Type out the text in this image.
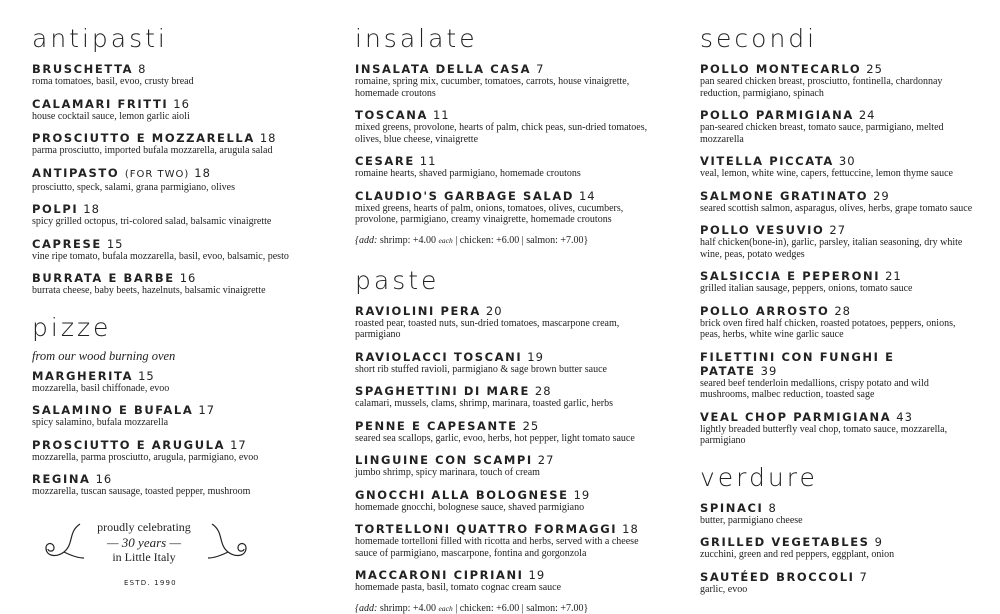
antipasti
BRUSCHETTA 8
roma tomatoes, basil, evoo, crusty bread
CALAMARI FRITTI 16
house cocktail sauce, lemon garlic aioli
PROSCIUTTO E MOZZARELLA 18
parma prosciutto, imported bufala mozzarella, arugula salad
ANTIPASTO (FOR TWO) 18
prosciutto, speck, salami, grana parmigiano, olives
POLPI 18
spicy grilled octopus, tri-colored salad, balsamic vinaigrette
CAPRESE 15
vine ripe tomato, bufala mozzarella, basil, evoo, balsamic, pesto
BURRATA E BARBE 16
burrata cheese, baby beets, hazelnuts, balsamic vinaigrette
pizze
from our wood burning oven
MARGHERITA 15
mozzarella, basil chiffonade, evoo
SALAMINO E BUFALA 17
spicy salamino, bufala mozzarella
PROSCIUTTO E ARUGULA 17
mozzarella, parma prosciutto, arugula, parmigiano, evoo
REGINA 16
mozzarella, tuscan sausage, toasted pepper, mushroom
proudly celebrating
— 30 years —
in Little Italy
ESTD. 1990
insalate
INSALATA DELLA CASA 7
romaine, spring mix, cucumber, tomatoes, carrots, house vinaigrette, homemade croutons
TOSCANA 11
mixed greens, provolone, hearts of palm, chick peas, sun-dried tomatoes, olives, blue cheese, vinaigrette
CESARE 11
romaine hearts, shaved parmigiano, homemade croutons
CLAUDIO'S GARBAGE SALAD 14
mixed greens, hearts of palm, onions, tomatoes, olives, cucumbers, provolone, parmigiano, creamy vinaigrette, homemade croutons
{add: shrimp: +4.00 each | chicken: +6.00 | salmon: +7.00}
paste
RAVIOLINI PERA 20
roasted pear, toasted nuts, sun-dried tomatoes, mascarpone cream, parmigiano
RAVIOLACCI TOSCANI 19
short rib stuffed ravioli, parmigiano & sage brown butter sauce
SPAGHETTINI DI MARE 28
calamari, mussels, clams, shrimp, marinara, toasted garlic, herbs
PENNE E CAPESANTE 25
seared sea scallops, garlic, evoo, herbs, hot pepper, light tomato sauce
LINGUINE CON SCAMPI 27
jumbo shrimp, spicy marinara, touch of cream
GNOCCHI ALLA BOLOGNESE 19
homemade gnocchi, bolognese sauce, shaved parmigiano
TORTELLONI QUATTRO FORMAGGI 18
homemade tortelloni filled with ricotta and herbs, served with a cheese sauce of parmigiano, mascarpone, fontina and gorgonzola
MACCARONI CIPRIANI 19
homemade pasta, basil, tomato cognac cream sauce
{add: shrimp: +4.00 each | chicken: +6.00 | salmon: +7.00}
secondi
POLLO MONTECARLO 25
pan seared chicken breast, prosciutto, fontinella, chardonnay reduction, parmigiano, spinach
POLLO PARMIGIANA 24
pan-seared chicken breast, tomato sauce, parmigiano, melted mozzarella
VITELLA PICCATA 30
veal, lemon, white wine, capers, fettuccine, lemon thyme sauce
SALMONE GRATINATO 29
seared scottish salmon, asparagus, olives, herbs, grape tomato sauce
POLLO VESUVIO 27
half chicken(bone-in), garlic, parsley, italian seasoning, dry white wine, peas, potato wedges
SALSICCIA E PEPERONI 21
grilled italian sausage, peppers, onions, tomato sauce
POLLO ARROSTO 28
brick oven fired half chicken, roasted potatoes, peppers, onions, peas, herbs, white wine garlic sauce
FILETTINI CON FUNGHI E PATATE 39
seared beef tenderloin medallions, crispy potato and wild mushrooms, malbec reduction, toasted sage
VEAL CHOP PARMIGIANA 43
lightly breaded butterfly veal chop, tomato sauce, mozzarella, parmigiano
verdure
SPINACI 8
butter, parmigiano cheese
GRILLED VEGETABLES 9
zucchini, green and red peppers, eggplant, onion
SAUTÉED BROCCOLI 7
garlic, evoo
